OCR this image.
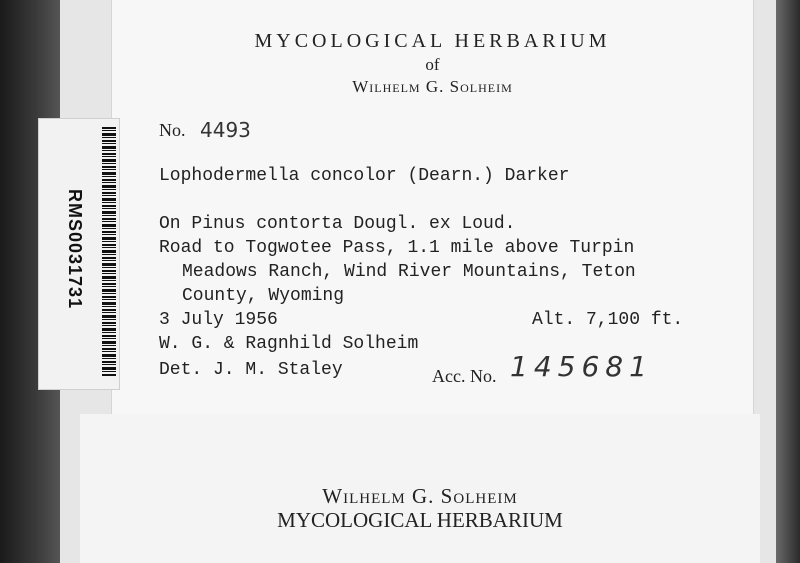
MYCOLOGICAL HERBARIUM
of
Wilhelm G. Solheim
No. 4493
Lophodermella concolor (Dearn.) Darker
On Pinus contorta Dougl. ex Loud.
Road to Togwotee Pass, 1.1 mile above Turpin
Meadows Ranch, Wind River Mountains, Teton
County, Wyoming
3 July 1956	Alt. 7,100 ft.
W. G. & Ragnhild Solheim
Det. J. M. Staley	Acc. No. 145681
RMS0031731
Wilhelm G. Solheim
MYCOLOGICAL HERBARIUM
